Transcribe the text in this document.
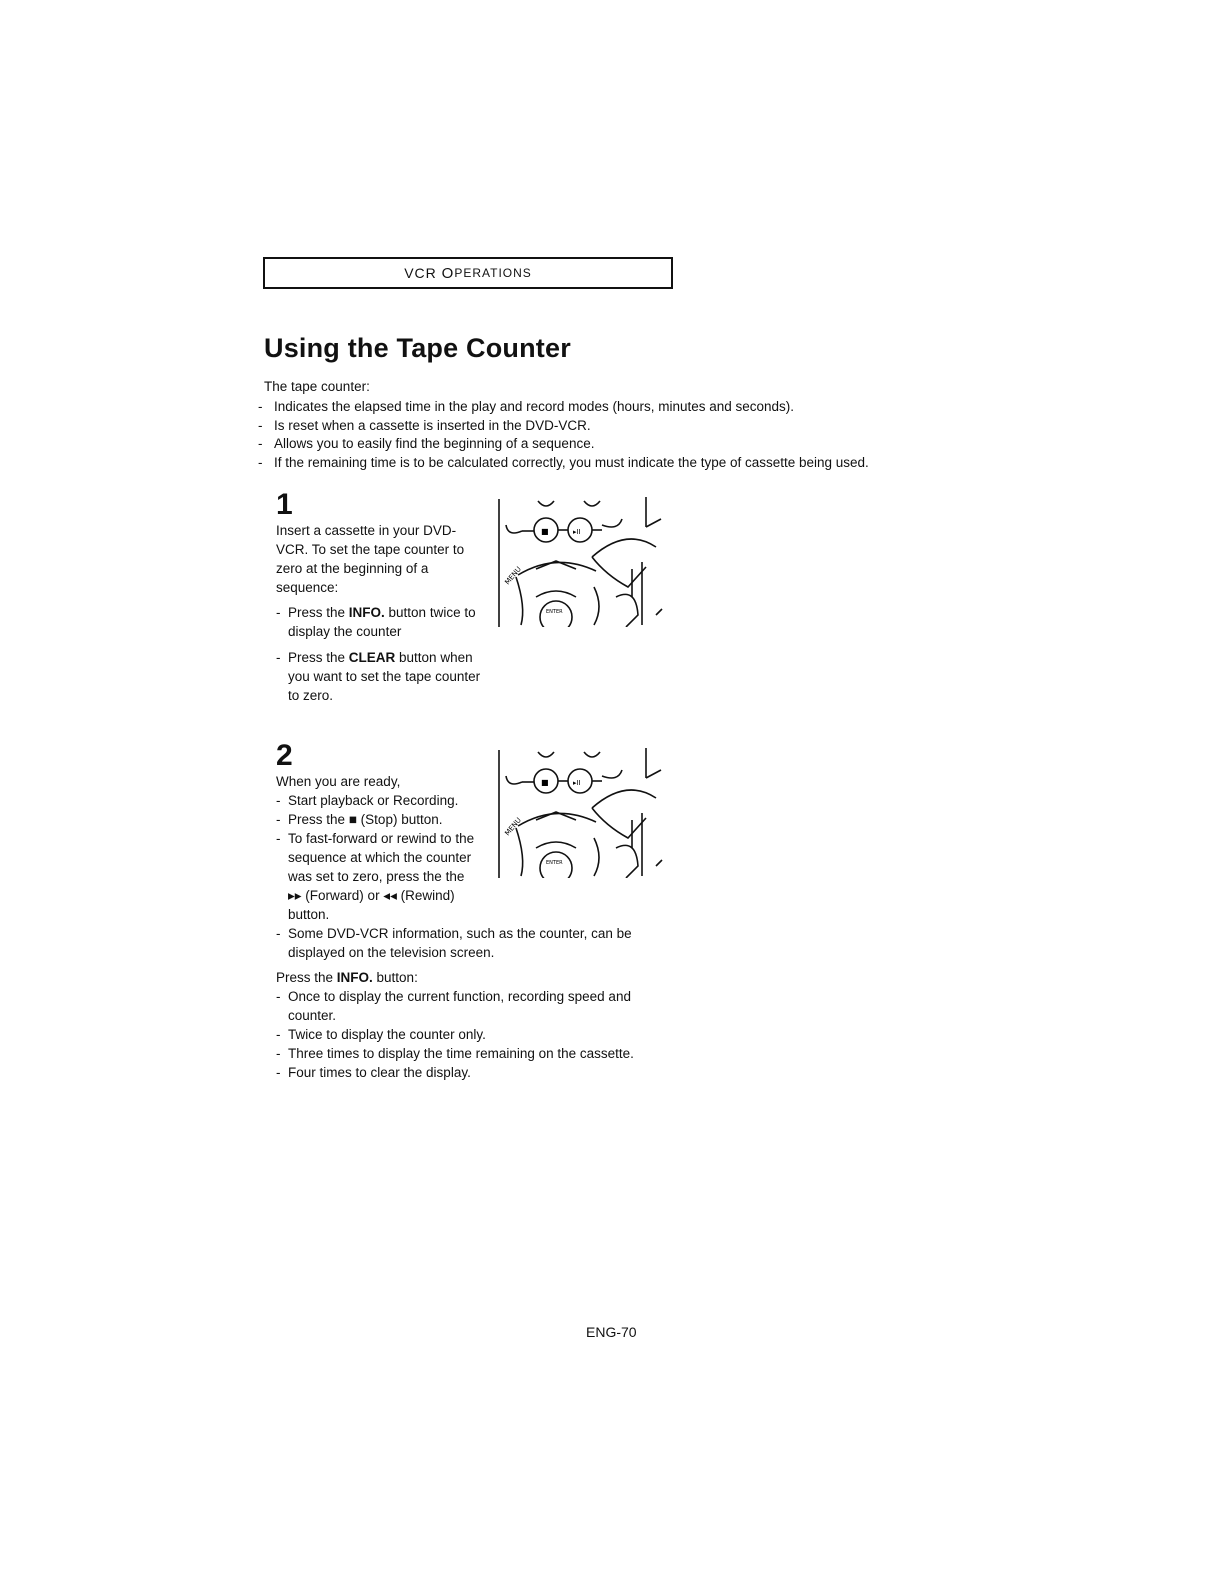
VCR
O PERATIONS
Using the Tape Counter
The tape counter:
- Indicates the elapsed time in the play and record modes (hours, minutes and seconds).
- Is reset when a cassette is inserted in the DVD-VCR.
- Allows you to easily find the beginning of a sequence.
- If the remaining time is to be calculated correctly, you must indicate the type of cassette being used.
1
Insert a cassette in your DVD-VCR. To set the tape counter to zero at the beginning of a sequence:
- Press the INFO. button twice to display the counter
- Press the CLEAR button when you want to set the tape counter to zero.
■	▸II
MENU
ENTER
2
When you are ready,
- Start playback or Recording.
- Press the ■ (Stop) button.
- To fast-forward or rewind to the sequence at which the counter was set to zero, press the the ▸▸ (Forward) or ◂◂ (Rewind) button.
- Some DVD-VCR information, such as the counter, can be displayed on the television screen.
Press the INFO. button:
- Once to display the current function, recording speed and counter.
- Twice to display the counter only.
- Three times to display the time remaining on the cassette.
- Four times to clear the display.
■	▸II
MENU
ENTER
ENG-70
